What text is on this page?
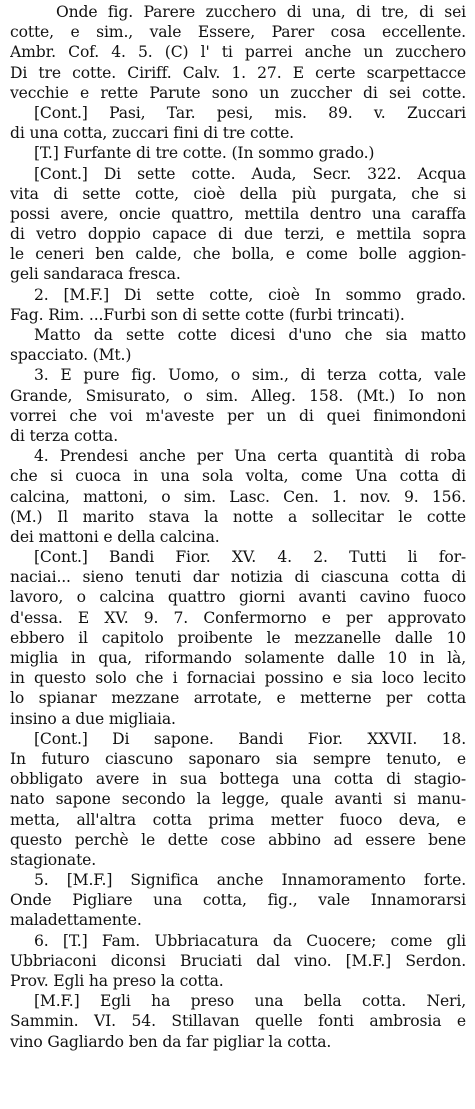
Onde fig. Parere zucchero di una, di tre, di sei
cotte, e sim., vale Essere, Parer cosa eccellente.
Ambr. Cof. 4. 5. (C) l' ti parrei anche un zucchero
Di tre cotte. Ciriff. Calv. 1. 27. E certe scarpettacce
vecchie e rette Parute sono un zuccher di sei cotte.
[Cont.] Pasi, Tar. pesi, mis. 89. v. Zuccari
di una cotta, zuccari fini di tre cotte.
[T.] Furfante di tre cotte. (In sommo grado.)
[Cont.] Di sette cotte. Auda, Secr. 322. Acqua
vita di sette cotte, cioè della più purgata, che si
possi avere, oncie quattro, mettila dentro una caraffa
di vetro doppio capace di due terzi, e mettila sopra
le ceneri ben calde, che bolla, e come bolle aggion-
geli sandaraca fresca.
2. [M.F.] Di sette cotte, cioè In sommo grado.
Fag. Rim. ...Furbi son di sette cotte (furbi trincati).
Matto da sette cotte dicesi d'uno che sia matto
spacciato. (Mt.)
3. E pure fig. Uomo, o sim., di terza cotta, vale
Grande, Smisurato, o sim. Alleg. 158. (Mt.) Io non
vorrei che voi m'aveste per un di quei finimondoni
di terza cotta.
4. Prendesi anche per Una certa quantità di roba
che si cuoca in una sola volta, come Una cotta di
calcina, mattoni, o sim. Lasc. Cen. 1. nov. 9. 156.
(M.) Il marito stava la notte a sollecitar le cotte
dei mattoni e della calcina.
[Cont.] Bandi Fior. XV. 4. 2. Tutti li for-
naciai... sieno tenuti dar notizia di ciascuna cotta di
lavoro, o calcina quattro giorni avanti cavino fuoco
d'essa. E XV. 9. 7. Confermorno e per approvato
ebbero il capitolo proibente le mezzanelle dalle 10
miglia in qua, riformando solamente dalle 10 in là,
in questo solo che i fornaciai possino e sia loco lecito
lo spianar mezzane arrotate, e metterne per cotta
insino a due migliaia.
[Cont.] Di sapone. Bandi Fior. XXVII. 18.
In futuro ciascuno saponaro sia sempre tenuto, e
obbligato avere in sua bottega una cotta di stagio-
nato sapone secondo la legge, quale avanti si manu-
metta, all'altra cotta prima metter fuoco deva, e
questo perchè le dette cose abbino ad essere bene
stagionate.
5. [M.F.] Significa anche Innamoramento forte.
Onde Pigliare una cotta, fig., vale Innamorarsi
maladettamente.
6. [T.] Fam. Ubbriacatura da Cuocere; come gli
Ubbriaconi diconsi Bruciati dal vino. [M.F.] Serdon.
Prov. Egli ha preso la cotta.
[M.F.] Egli ha preso una bella cotta. Neri,
Sammin. VI. 54. Stillavan quelle fonti ambrosia e
vino Gagliardo ben da far pigliar la cotta.
